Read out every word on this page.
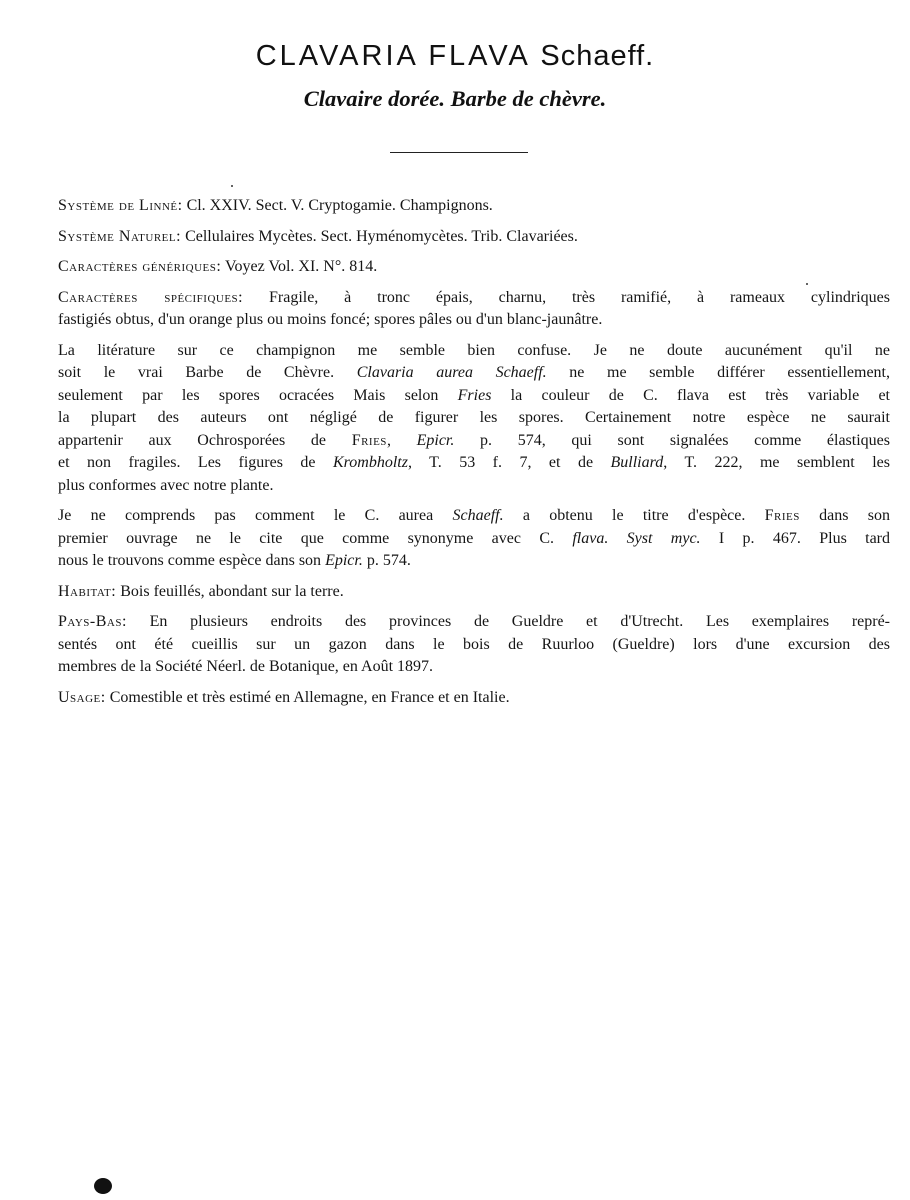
CLAVARIA FLAVA Schaeff.
Clavaire dorée. Barbe de chèvre.
Système de Linné: Cl. XXIV. Sect. V. Cryptogamie. Champignons.
Système Naturel: Cellulaires Mycètes. Sect. Hyménomycètes. Trib. Clavariées.
Caractères génériques: Voyez Vol. XI. N°. 814.
Caractères spécifiques: Fragile, à tronc épais, charnu, très ramifié, à rameaux cylindriques
fastigiés obtus, d'un orange plus ou moins foncé; spores pâles ou d'un blanc-jaunâtre.
La litérature sur ce champignon me semble bien confuse. Je ne doute aucunément qu'il ne
soit le vrai Barbe de Chèvre. Clavaria aurea Schaeff. ne me semble différer essentiellement,
seulement par les spores ocracées Mais selon Fries la couleur de C. flava est très variable et
la plupart des auteurs ont négligé de figurer les spores. Certainement notre espèce ne saurait
appartenir aux Ochrosporées de Fries, Epicr. p. 574, qui sont signalées comme élastiques
et non fragiles. Les figures de Krombholtz, T. 53 f. 7, et de Bulliard, T. 222, me semblent les
plus conformes avec notre plante.
Je ne comprends pas comment le C. aurea Schaeff. a obtenu le titre d'espèce. Fries dans son
premier ouvrage ne le cite que comme synonyme avec C. flava. Syst myc. I p. 467. Plus tard
nous le trouvons comme espèce dans son Epicr. p. 574.
Habitat: Bois feuillés, abondant sur la terre.
Pays-Bas: En plusieurs endroits des provinces de Gueldre et d'Utrecht. Les exemplaires repré-
sentés ont été cueillis sur un gazon dans le bois de Ruurloo (Gueldre) lors d'une excursion des
membres de la Société Néerl. de Botanique, en Août 1897.
Usage: Comestible et très estimé en Allemagne, en France et en Italie.
